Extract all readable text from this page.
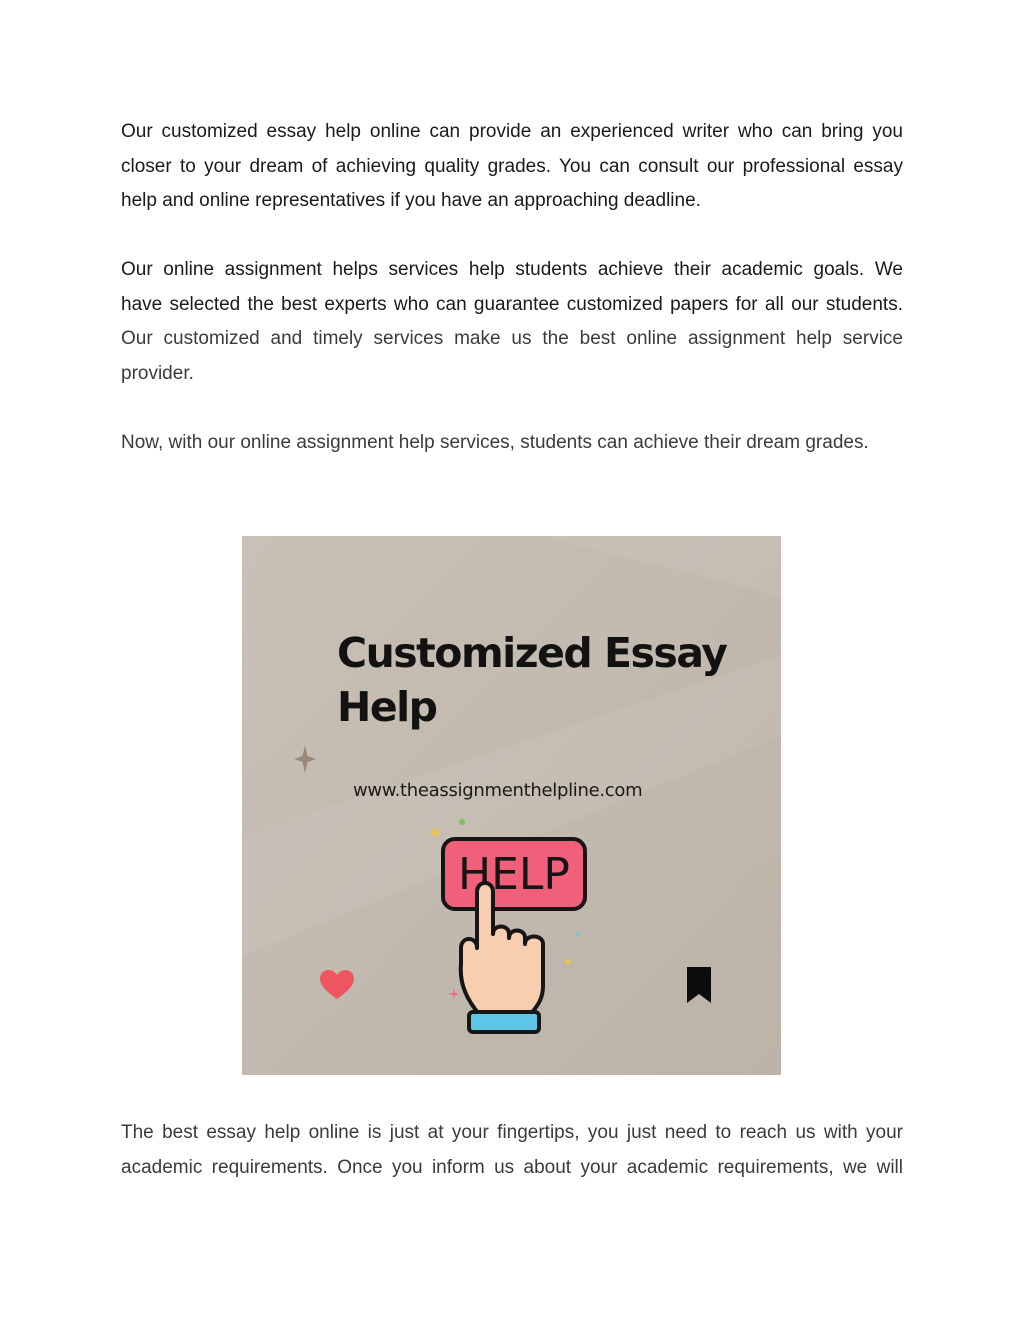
Our customized essay help online can provide an experienced writer who can bring you
closer to your dream of achieving quality grades. You can consult our professional essay
help and online representatives if you have an approaching deadline.

Our online assignment helps services help students achieve their academic goals. We
have selected the best experts who can guarantee customized papers for all our students.
Our customized and timely services make us the best online assignment help service
provider.

Now, with our online assignment help services, students can achieve their dream grades.

Customized Essay
Help

www.theassignmenthelpline.com

HELP

The best essay help online is just at your fingertips, you just need to reach us with your
academic requirements. Once you inform us about your academic requirements, we will
